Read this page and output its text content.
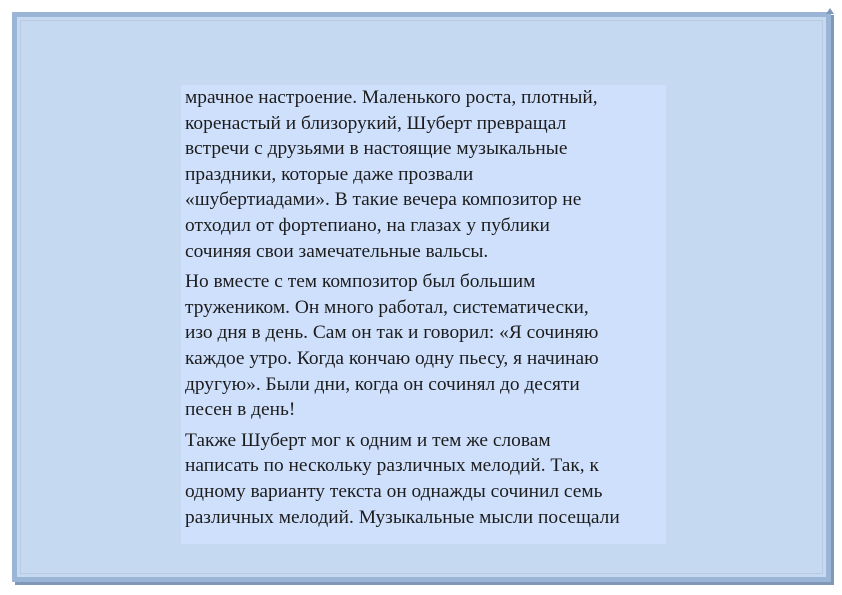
мрачное настроение. Маленького роста, плотный,
коренастый и близорукий, Шуберт превращал
встречи с друзьями в настоящие музыкальные
праздники, которые даже прозвали
«шубертиадами». В такие вечера композитор не
отходил от фортепиано, на глазах у публики
сочиняя свои замечательные вальсы.

Но вместе с тем композитор был большим
тружеником. Он много работал, систематически,
изо дня в день. Сам он так и говорил: «Я сочиняю
каждое утро. Когда кончаю одну пьесу, я начинаю
другую». Были дни, когда он сочинял до десяти
песен в день!

Также Шуберт мог к одним и тем же словам
написать по нескольку различных мелодий. Так, к
одному варианту текста он однажды сочинил семь
различных мелодий. Музыкальные мысли посещали
